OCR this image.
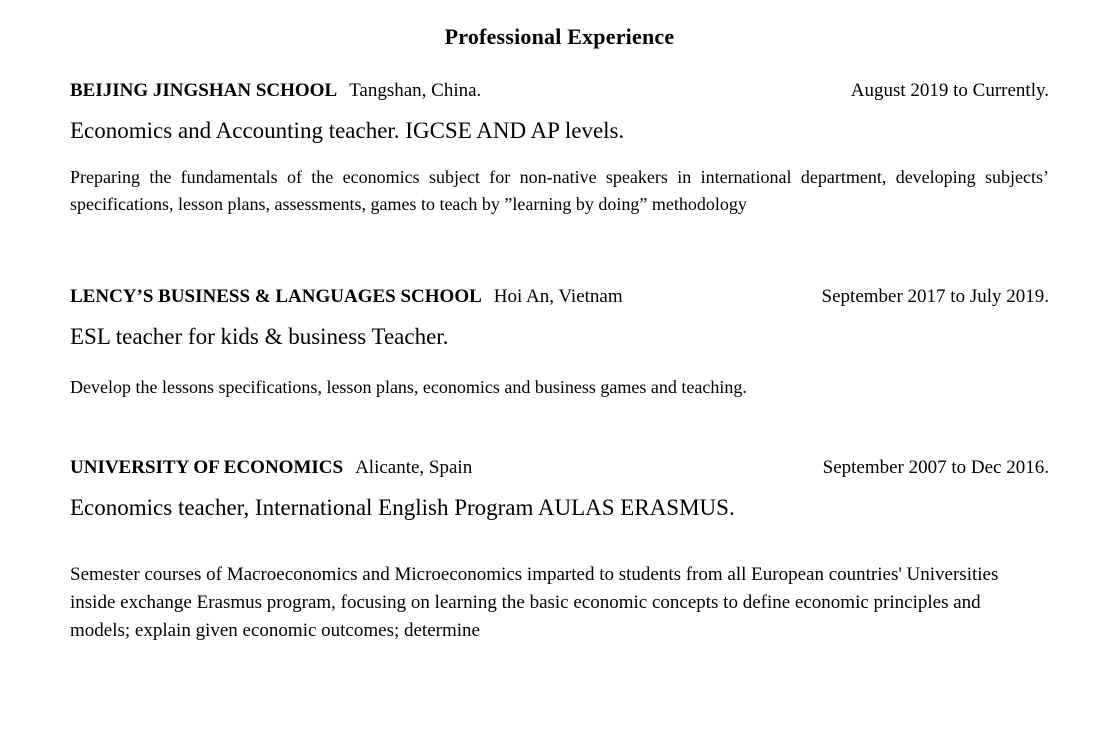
Professional Experience
BEIJING JINGSHAN SCHOOL Tangshan, China.	August 2019 to Currently.
Economics and Accounting teacher. IGCSE AND AP levels.

Preparing the fundamentals of the economics subject for non-native speakers in international department, developing subjects’ specifications, lesson plans, assessments, games to teach by ”learning by doing” methodology

LENCY’S BUSINESS & LANGUAGES SCHOOL Hoi An, Vietnam	September 2017 to July 2019.
ESL teacher for kids & business Teacher.

Develop the lessons specifications, lesson plans, economics and business games and teaching.

UNIVERSITY OF ECONOMICS Alicante, Spain	September 2007 to Dec 2016.
Economics teacher, International English Program AULAS ERASMUS.

Semester courses of Macroeconomics and Microeconomics imparted to students from all European countries' Universities inside exchange Erasmus program, focusing on learning the basic economic concepts to define economic principles and models; explain given economic outcomes; determine
